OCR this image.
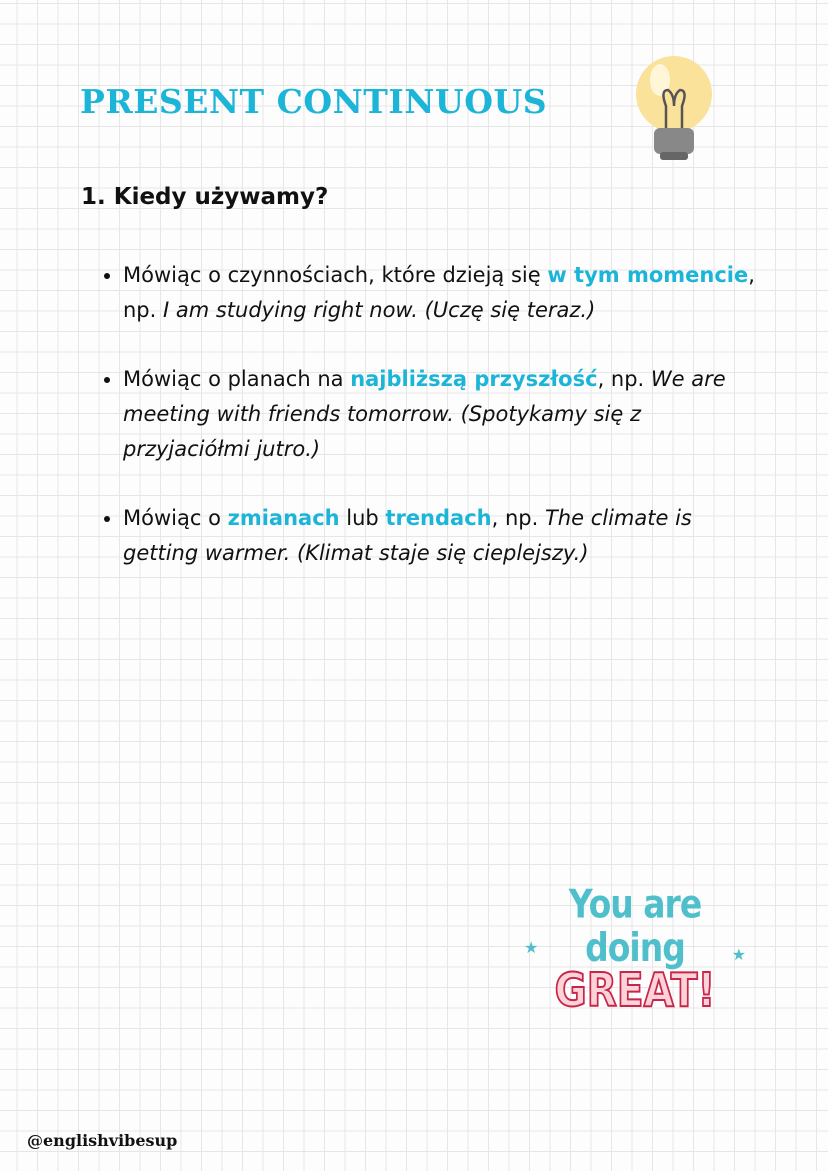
PRESENT CONTINUOUS
1. Kiedy używamy?
• Mówiąc o czynnościach, które dzieją się w tym momencie, np. I am studying right now. (Uczę się teraz.)
• Mówiąc o planach na najbliższą przyszłość, np. We are meeting with friends tomorrow. (Spotykamy się z przyjaciółmi jutro.)
• Mówiąc o zmianach lub trendach, np. The climate is getting warmer. (Klimat staje się cieplejszy.)
You are doing
GREAT!
★	★
@englishvibesup
